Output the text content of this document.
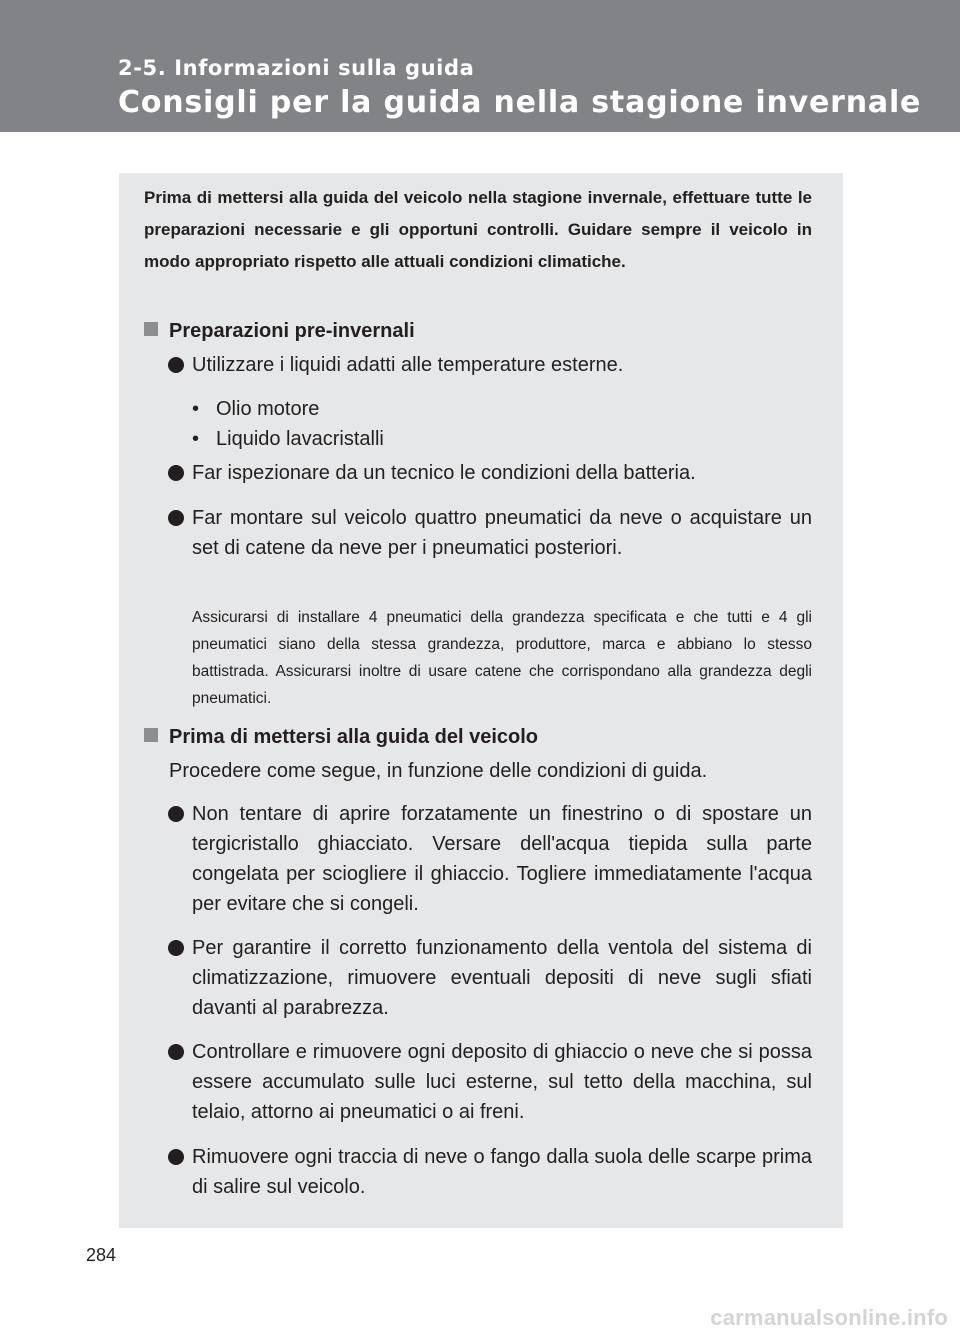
2-5. Informazioni sulla guida
Consigli per la guida nella stagione invernale
Prima di mettersi alla guida del veicolo nella stagione invernale, effettuare tutte le preparazioni necessarie e gli opportuni controlli. Guidare sempre il veicolo in modo appropriato rispetto alle attuali condizioni climatiche.
Preparazioni pre-invernali
Utilizzare i liquidi adatti alle temperature esterne.
• Olio motore
• Liquido lavacristalli
Far ispezionare da un tecnico le condizioni della batteria.
Far montare sul veicolo quattro pneumatici da neve o acquistare un set di catene da neve per i pneumatici posteriori.
Assicurarsi di installare 4 pneumatici della grandezza specificata e che tutti e 4 gli pneumatici siano della stessa grandezza, produttore, marca e abbiano lo stesso battistrada. Assicurarsi inoltre di usare catene che corrispondano alla grandezza degli pneumatici.
Prima di mettersi alla guida del veicolo
Procedere come segue, in funzione delle condizioni di guida.
Non tentare di aprire forzatamente un finestrino o di spostare un tergicristallo ghiacciato. Versare dell'acqua tiepida sulla parte congelata per sciogliere il ghiaccio. Togliere immediatamente l'acqua per evitare che si congeli.
Per garantire il corretto funzionamento della ventola del sistema di climatizzazione, rimuovere eventuali depositi di neve sugli sfiati davanti al parabrezza.
Controllare e rimuovere ogni deposito di ghiaccio o neve che si possa essere accumulato sulle luci esterne, sul tetto della macchina, sul telaio, attorno ai pneumatici o ai freni.
Rimuovere ogni traccia di neve o fango dalla suola delle scarpe prima di salire sul veicolo.
284
carmanualsonline.info
